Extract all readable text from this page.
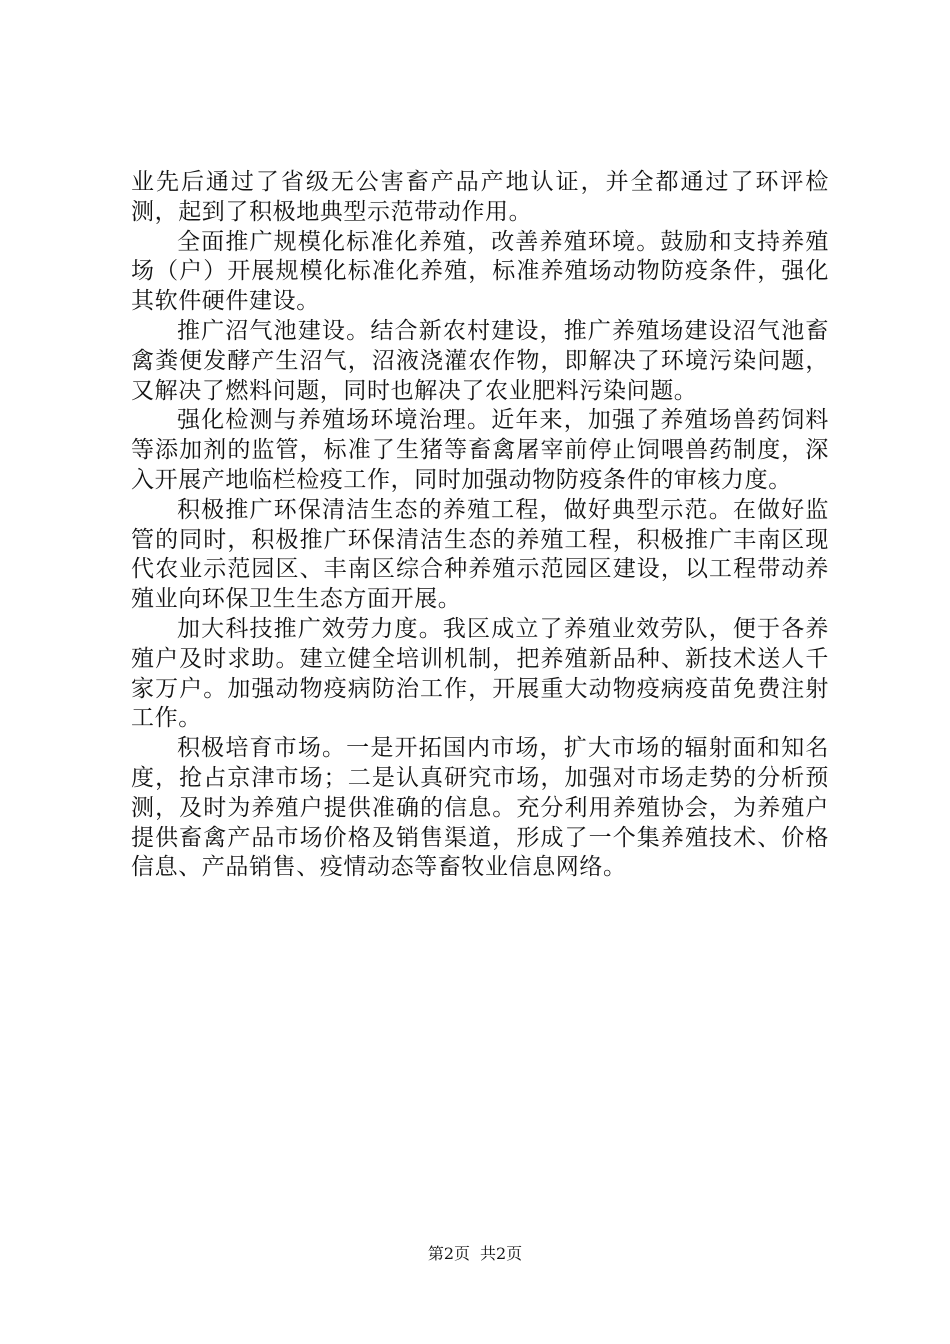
业先后通过了省级无公害畜产品产地认证，并全都通过了环评检测，起到了积极地典型示范带动作用。

全面推广规模化标准化养殖，改善养殖环境。鼓励和支持养殖场（户）开展规模化标准化养殖，标准养殖场动物防疫条件，强化其软件硬件建设。

推广沼气池建设。结合新农村建设，推广养殖场建设沼气池畜禽粪便发酵产生沼气，沼液浇灌农作物，即解决了环境污染问题，又解决了燃料问题，同时也解决了农业肥料污染问题。

强化检测与养殖场环境治理。近年来，加强了养殖场兽药饲料等添加剂的监管，标准了生猪等畜禽屠宰前停止饲喂兽药制度，深入开展产地临栏检疫工作，同时加强动物防疫条件的审核力度。

积极推广环保清洁生态的养殖工程，做好典型示范。在做好监管的同时，积极推广环保清洁生态的养殖工程，积极推广丰南区现代农业示范园区、丰南区综合种养殖示范园区建设，以工程带动养殖业向环保卫生生态方面开展。

加大科技推广效劳力度。我区成立了养殖业效劳队，便于各养殖户及时求助。建立健全培训机制，把养殖新品种、新技术送人千家万户。加强动物疫病防治工作，开展重大动物疫病疫苗免费注射工作。

积极培育市场。一是开拓国内市场，扩大市场的辐射面和知名度，抢占京津市场；二是认真研究市场，加强对市场走势的分析预测，及时为养殖户提供准确的信息。充分利用养殖协会，为养殖户提供畜禽产品市场价格及销售渠道，形成了一个集养殖技术、价格信息、产品销售、疫情动态等畜牧业信息网络。

第2页 共2页
